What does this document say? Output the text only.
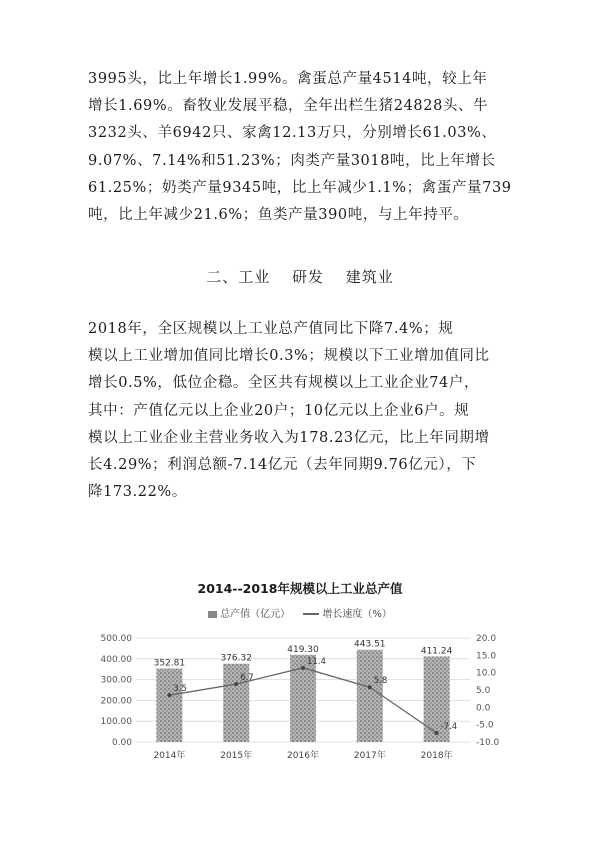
3995头，比上年增长1.99%。禽蛋总产量4514吨，较上年
增长1.69%。畜牧业发展平稳，全年出栏生猪24828头、牛
3232头、羊6942只、家禽12.13万只，分别增长61.03%、
9.07%、7.14%和51.23%；肉类产量3018吨，比上年增长
61.25%；奶类产量9345吨，比上年减少1.1%；禽蛋产量739
吨，比上年减少21.6%；鱼类产量390吨，与上年持平。
二、工业 研发 建筑业
2018年，全区规模以上工业总产值同比下降7.4%；规
模以上工业增加值同比增长0.3%；规模以下工业增加值同比
增长0.5%，低位企稳。全区共有规模以上工业企业74户，
其中：产值亿元以上企业20户；10亿元以上企业6户。规
模以上工业企业主营业务收入为178.23亿元，比上年同期增
长4.29%；利润总额-7.14亿元（去年同期9.76亿元），下
降173.22%。
2014--2018年规模以上工业总产值
总产值（亿元）	增长速度（%）
0.00
100.00
200.00
300.00
400.00
500.00
-10.0
-5.0
0.0
5.0
10.0
15.0
20.0
352.81
2014年
376.32
2015年
419.30
2016年
443.51
2017年
411.24
2018年
3.5
6.7
11.4
5.8
-7.4
